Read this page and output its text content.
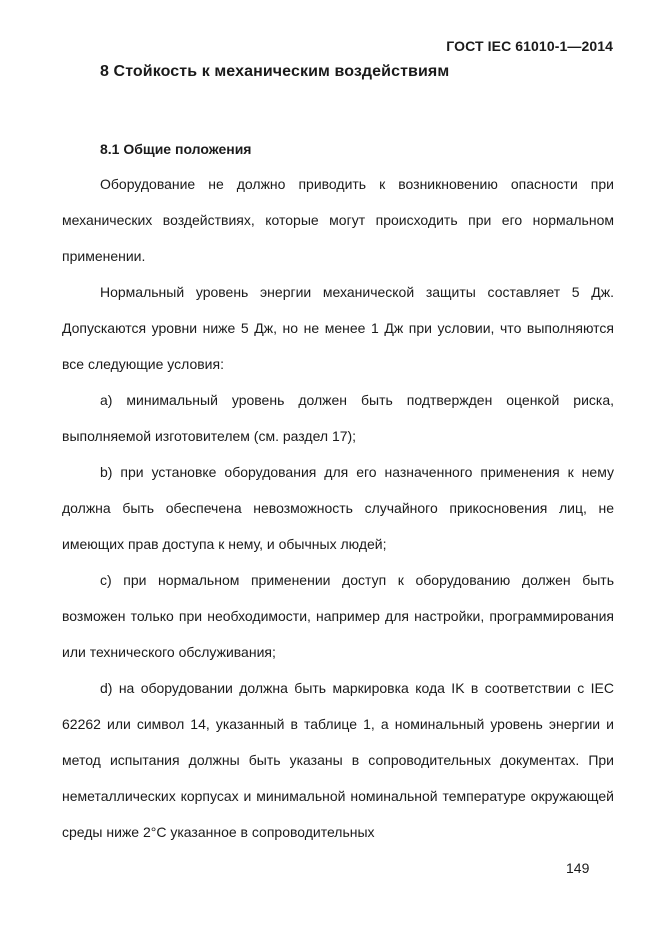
ГОСТ IEC 61010-1—2014
8 Стойкость к механическим воздействиям
8.1 Общие положения

Оборудование не должно приводить к возникновению опасности при механических воздействиях, которые могут происходить при его нормальном применении.

Нормальный уровень энергии механической защиты составляет 5 Дж. Допускаются уровни ниже 5 Дж, но не менее 1 Дж при условии, что выполняются все следующие условия:

а) минимальный уровень должен быть подтвержден оценкой риска, выполняемой изготовителем (см. раздел 17);

b) при установке оборудования для его назначенного применения к нему должна быть обеспечена невозможность случайного прикосновения лиц, не имеющих прав доступа к нему, и обычных людей;

с) при нормальном применении доступ к оборудованию должен быть возможен только при необходимости, например для настройки, программирования или технического обслуживания;

d) на оборудовании должна быть маркировка кода IK в соответствии с IEC 62262 или символ 14, указанный в таблице 1, а номинальный уровень энергии и метод испытания должны быть указаны в сопроводительных документах. При неметаллических корпусах и минимальной номинальной температуре окружающей среды ниже 2°С указанное в сопроводительных

149
